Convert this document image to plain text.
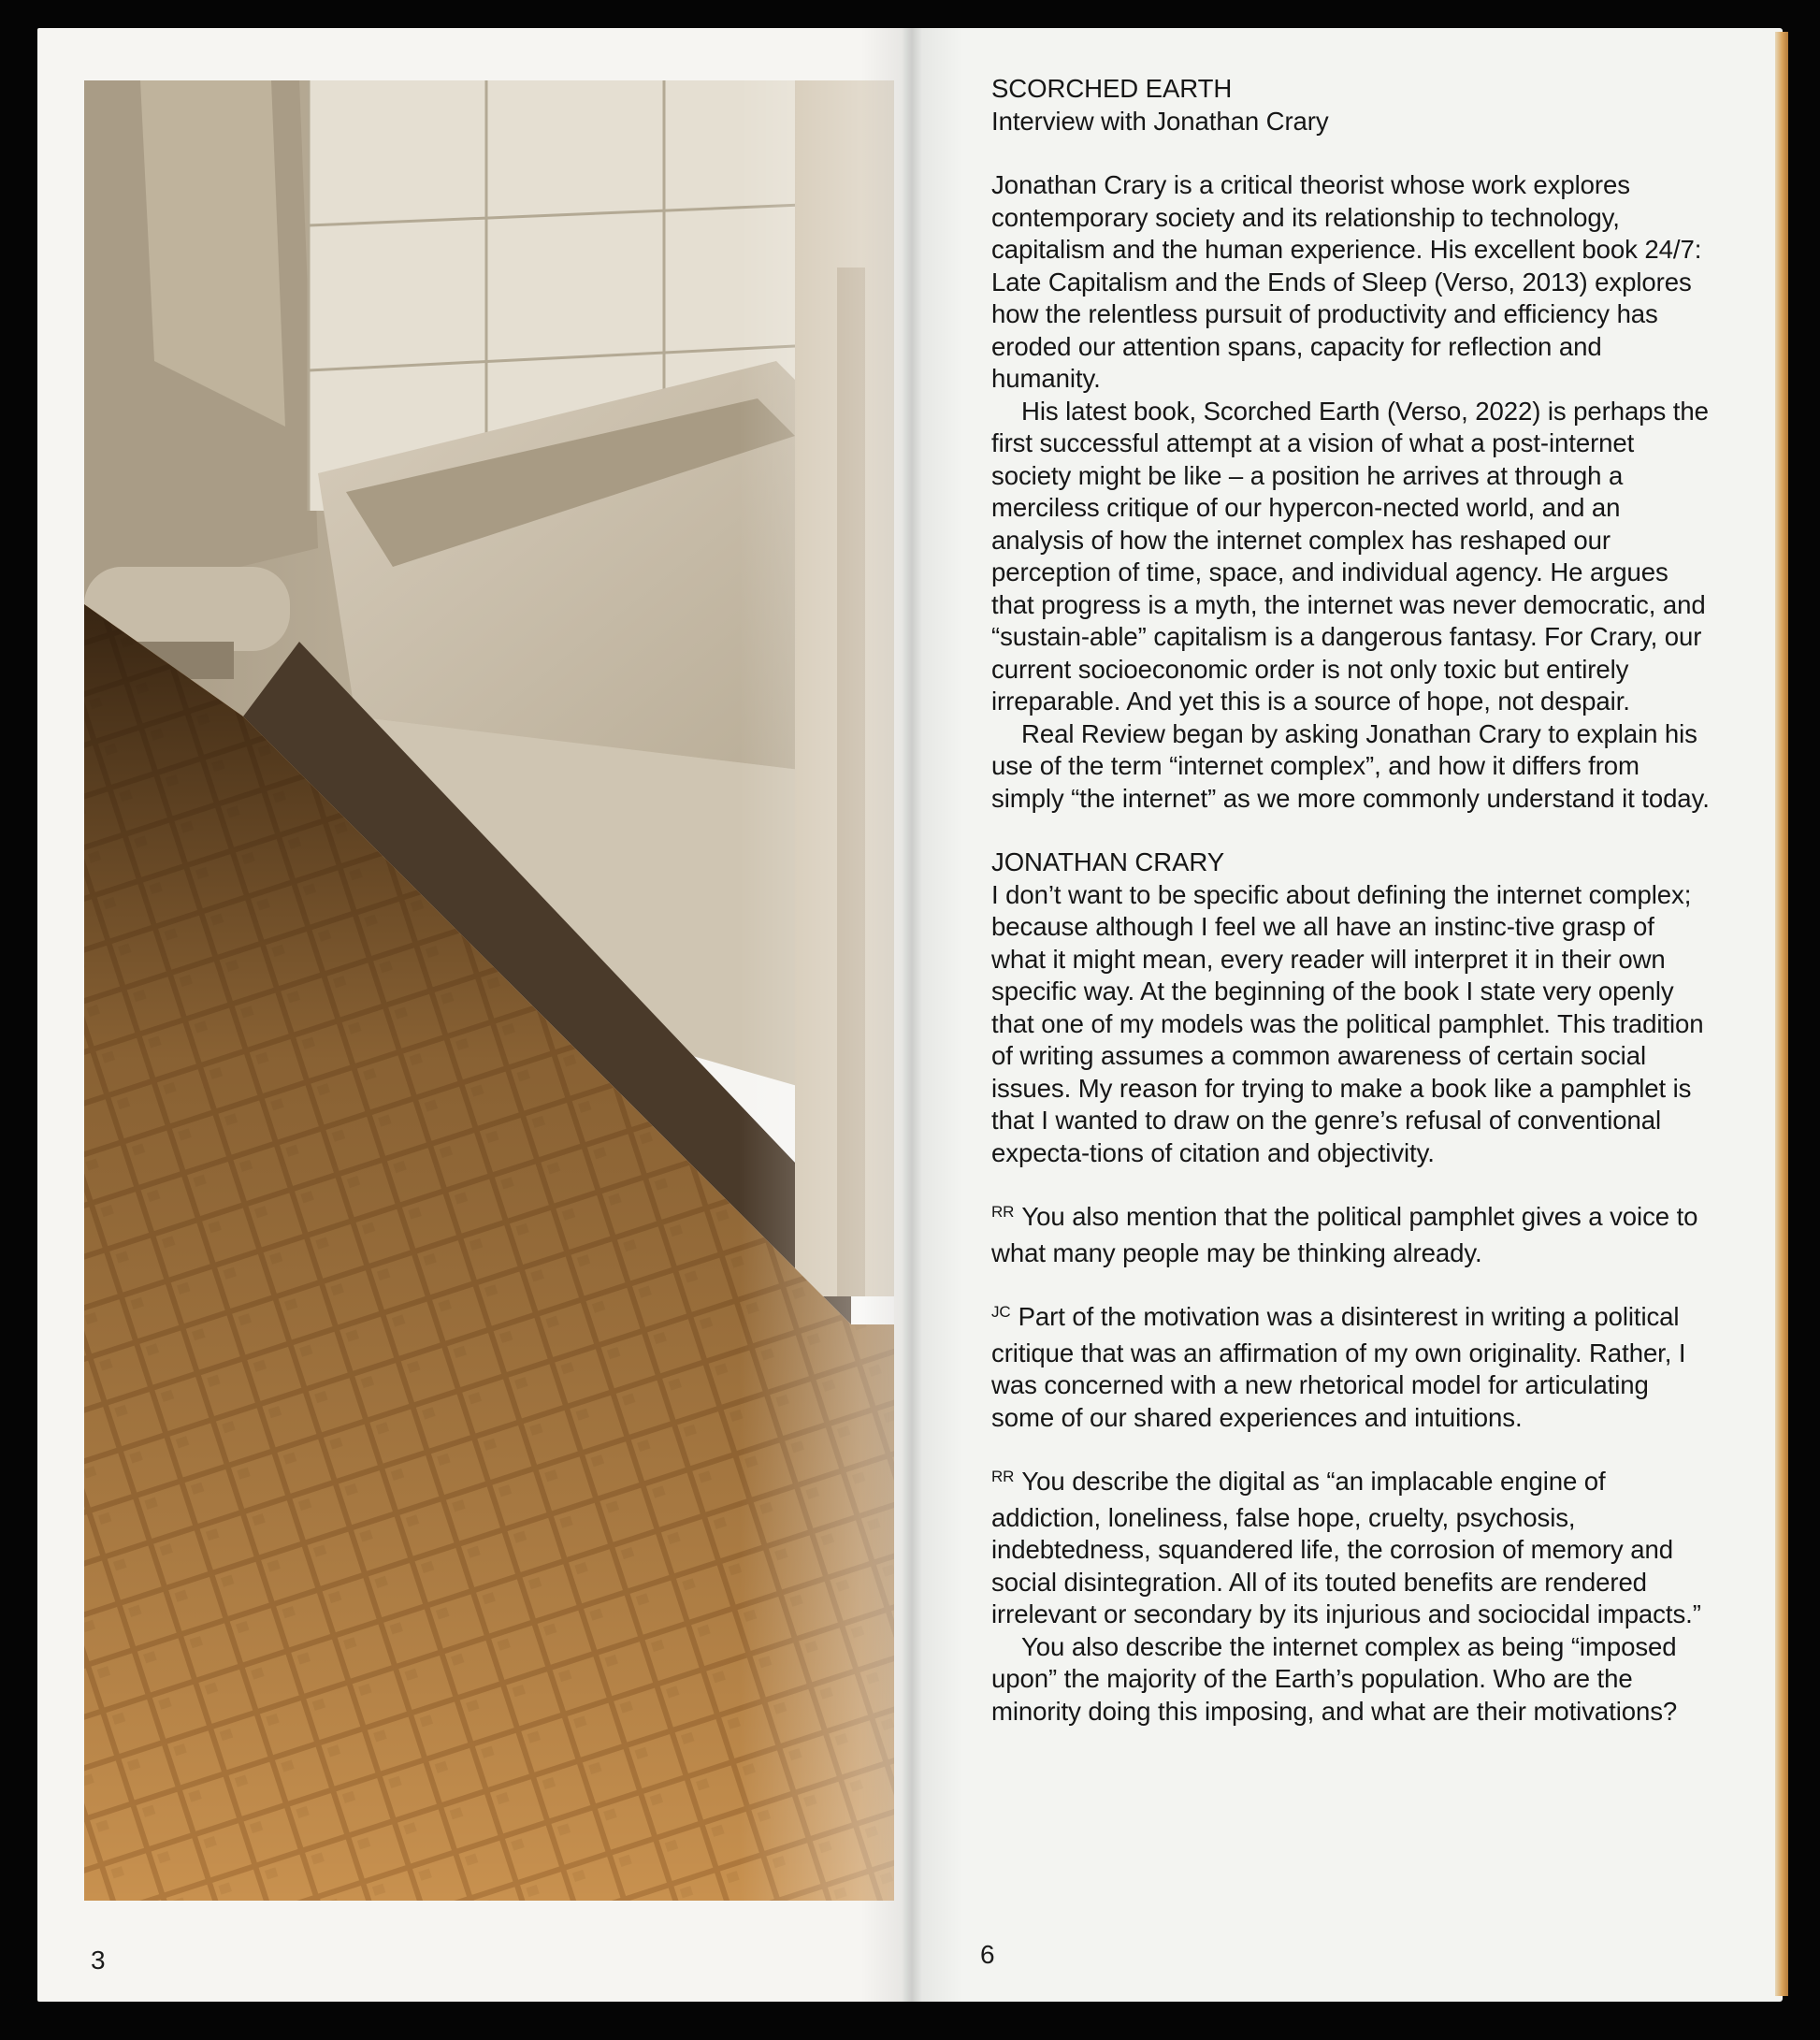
3	6

SCORCHED EARTH
Interview with Jonathan Crary

Jonathan Crary is a critical theorist whose work explores contemporary society and its relationship to technology, capitalism and the human experience. His excellent book 24/7: Late Capitalism and the Ends of Sleep (Verso, 2013) explores how the relentless pursuit of productivity and efficiency has eroded our attention spans, capacity for reflection and humanity.

His latest book, Scorched Earth (Verso, 2022) is perhaps the first successful attempt at a vision of what a post-internet society might be like – a position he arrives at through a merciless critique of our hypercon-nected world, and an analysis of how the internet complex has reshaped our perception of time, space, and individual agency. He argues that progress is a myth, the internet was never democratic, and “sustain-able” capitalism is a dangerous fantasy. For Crary, our current socioeconomic order is not only toxic but entirely irreparable. And yet this is a source of hope, not despair.

Real Review began by asking Jonathan Crary to explain his use of the term “internet complex”, and how it differs from simply “the internet” as we more commonly understand it today.

JONATHAN CRARY

I don’t want to be specific about defining the internet complex; because although I feel we all have an instinc-tive grasp of what it might mean, every reader will interpret it in their own specific way. At the beginning of the book I state very openly that one of my models was the political pamphlet. This tradition of writing assumes a common awareness of certain social issues. My reason for trying to make a book like a pamphlet is that I wanted to draw on the genre’s refusal of conventional expecta-tions of citation and objectivity.

$^{RR}$ You also mention that the political pamphlet gives a voice to what many people may be thinking already.

$^{JC}$ Part of the motivation was a disinterest in writing a political critique that was an affirmation of my own originality. Rather, I was concerned with a new rhetorical model for articulating some of our shared experiences and intuitions.

$^{RR}$ You describe the digital as “an implacable engine of addiction, loneliness, false hope, cruelty, psychosis, indebtedness, squandered life, the corrosion of memory and social disintegration. All of its touted benefits are rendered irrelevant or secondary by its injurious and sociocidal impacts.”

You also describe the internet complex as being “imposed upon” the majority of the Earth’s population. Who are the minority doing this imposing, and what are their motivations?
